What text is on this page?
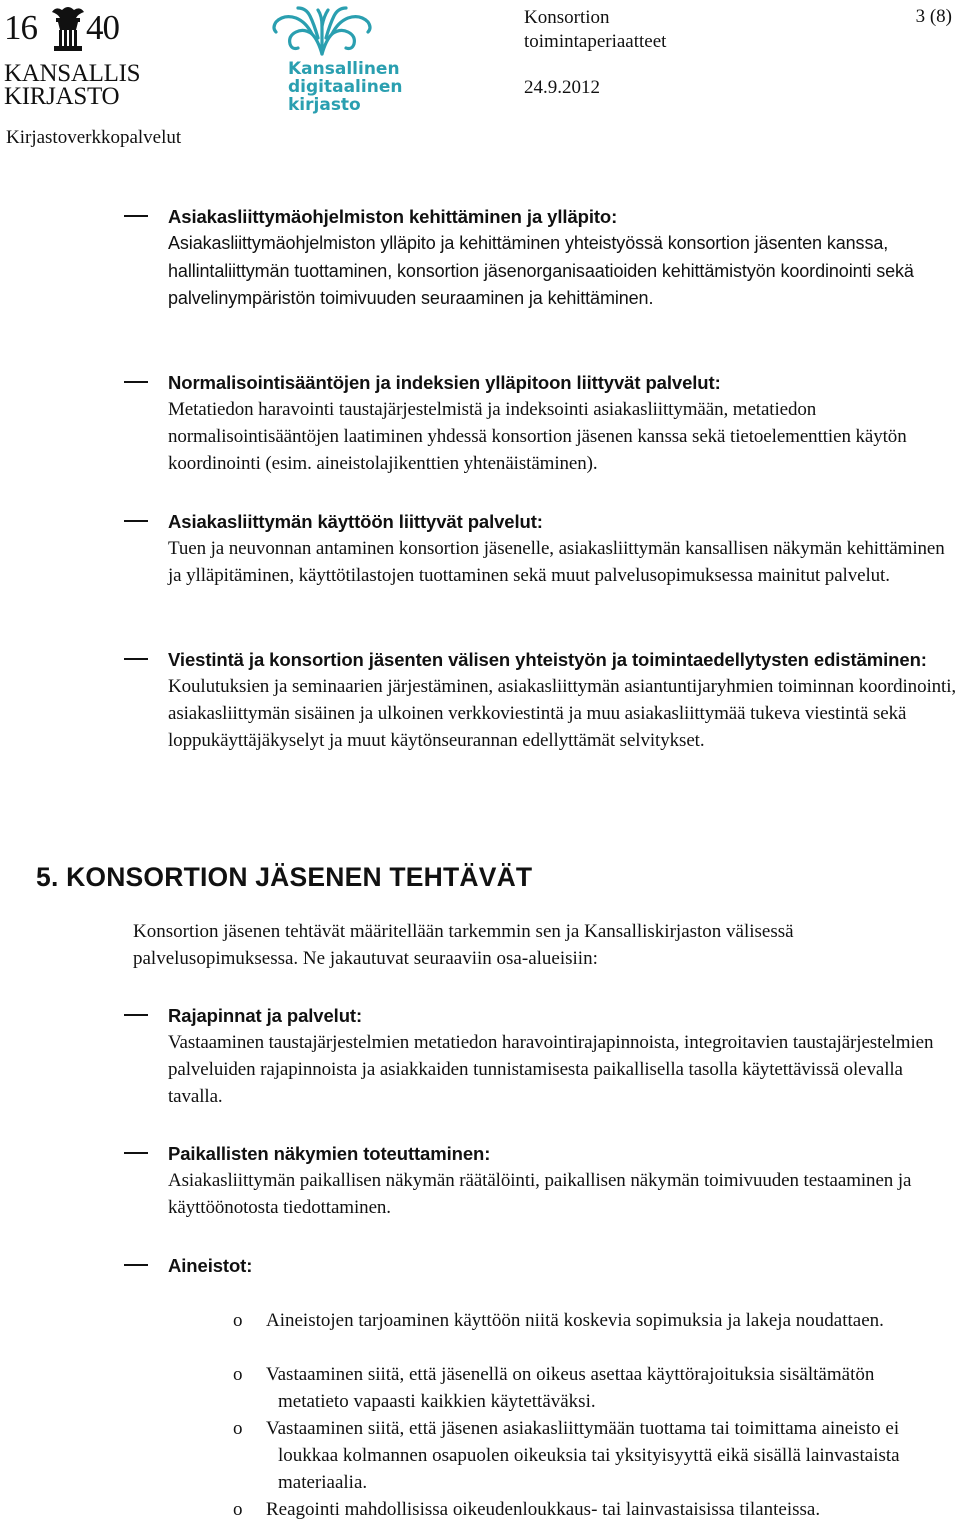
16 40
KANSALLIS
KIRJASTO
Kansallinen
digitaalinen
kirjasto
Konsortion
toimintaperiaatteet
24.9.2012
3 (8)
Kirjastoverkkopalvelut
Asiakasliittymäohjelmiston kehittäminen ja ylläpito:
Asiakasliittymäohjelmiston ylläpito ja kehittäminen yhteistyössä konsortion jäsenten kanssa, hallintaliittymän tuottaminen, konsortion jäsenorganisaatioiden kehittämistyön koordinointi sekä palvelinympäristön toimivuuden seuraaminen ja kehittäminen.
Normalisointisääntöjen ja indeksien ylläpitoon liittyvät palvelut:
Metatiedon haravointi taustajärjestelmistä ja indeksointi asiakasliittymään, metatiedon normalisointisääntöjen laatiminen yhdessä konsortion jäsenen kanssa sekä tietoelementtien käytön koordinointi (esim. aineistolajikenttien yhtenäistäminen).
Asiakasliittymän käyttöön liittyvät palvelut:
Tuen ja neuvonnan antaminen konsortion jäsenelle, asiakasliittymän kansallisen näkymän kehittäminen ja ylläpitäminen, käyttötilastojen tuottaminen sekä muut palvelusopimuksessa mainitut palvelut.
Viestintä ja konsortion jäsenten välisen yhteistyön ja toimintaedellytysten edistäminen:
Koulutuksien ja seminaarien järjestäminen, asiakasliittymän asiantuntijaryhmien toiminnan koordinointi, asiakasliittymän sisäinen ja ulkoinen verkkoviestintä ja muu asiakasliittymää tukeva viestintä sekä loppukäyttäjäkyselyt ja muut käytönseurannan edellyttämät selvitykset.
5. KONSORTION JÄSENEN TEHTÄVÄT
Konsortion jäsenen tehtävät määritellään tarkemmin sen ja Kansalliskirjaston välisessä palvelusopimuksessa. Ne jakautuvat seuraaviin osa-alueisiin:
Rajapinnat ja palvelut:
Vastaaminen taustajärjestelmien metatiedon haravointirajapinnoista, integroitavien taustajärjestelmien palveluiden rajapinnoista ja asiakkaiden tunnistamisesta paikallisella tasolla käytettävissä olevalla tavalla.
Paikallisten näkymien toteuttaminen:
Asiakasliittymän paikallisen näkymän räätälöinti, paikallisen näkymän toimivuuden testaaminen ja käyttöönotosta tiedottaminen.
Aineistot:
o	Aineistojen tarjoaminen käyttöön niitä koskevia sopimuksia ja lakeja noudattaen.
o	Vastaaminen siitä, että jäsenellä on oikeus asettaa käyttörajoituksia sisältämätön metatieto vapaasti kaikkien käytettäväksi.
o	Vastaaminen siitä, että jäsenen asiakasliittymään tuottama tai toimittama aineisto ei loukkaa kolmannen osapuolen oikeuksia tai yksityisyyttä eikä sisällä lainvastaista materiaalia.
o	Reagointi mahdollisissa oikeudenloukkaus- tai lainvastaisissa tilanteissa.
